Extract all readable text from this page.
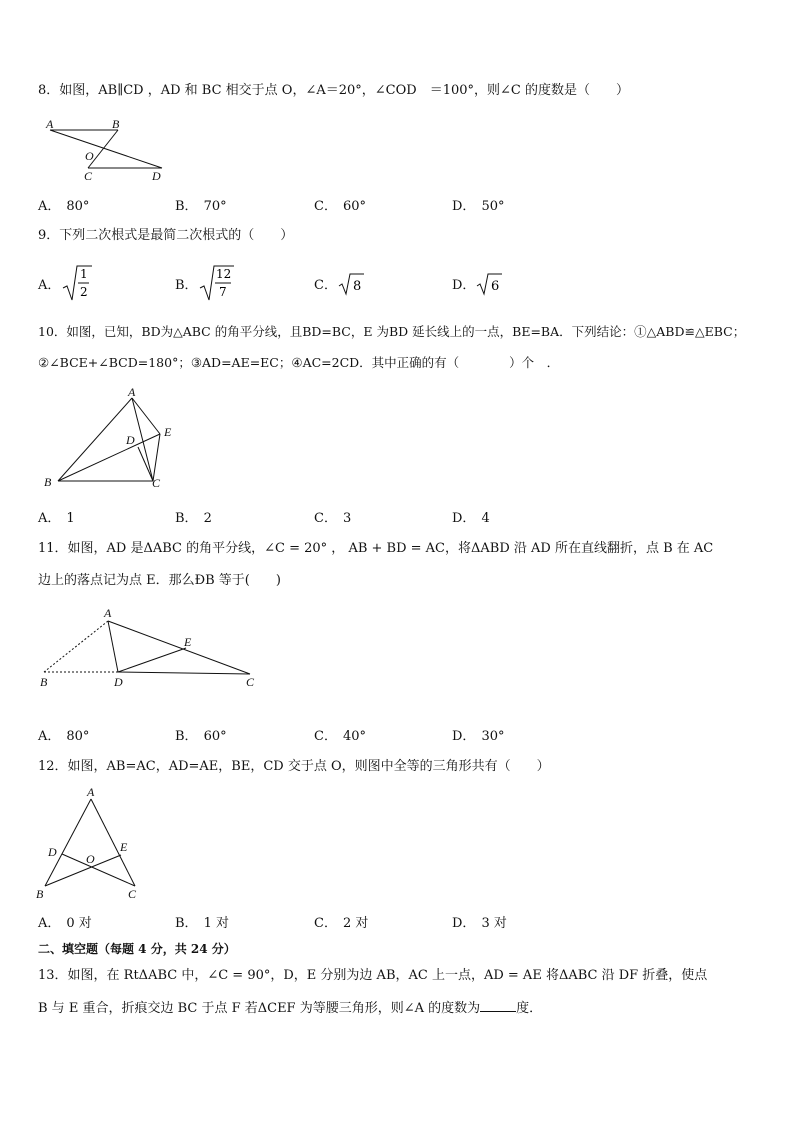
8．如图，AB∥CD ，AD 和 BC 相交于点 O，∠A＝20°，∠COD　＝100°，则∠C 的度数是（　　）
A	B
O
C	D
A． 80°	B． 70°	C． 60°	D． 50°
9．下列二次根式是最简二次根式的（　　）
A．
1
2	B．
12
7	C． 8	D． 6
10．如图，已知，BD为△ABC 的角平分线，且BD=BC，E 为BD 延长线上的一点，BE=BA．下列结论：①△ABD≌△EBC；
②∠BCE+∠BCD=180°；③AD=AE=EC；④AC=2CD．其中正确的有（　　　　）个　．
A
D
E
B	C
A． 1	B． 2	C． 3	D． 4
11．如图，AD 是ΔABC 的角平分线，∠C = 20° ， AB + BD = AC，将ΔABD 沿 AD 所在直线翻折，点 B 在 AC
边上的落点记为点 E．那么ÐB 等于(　　)
A
E
B	D	C
A． 80°	B． 60°	C． 40°	D． 30°
12．如图，AB=AC，AD=AE，BE，CD 交于点 O，则图中全等的三角形共有（　　）
A
D O
E
B	C
A． 0 对	B． 1 对	C． 2 对	D． 3 对
二、填空题（每题 4 分，共 24 分）
13．如图，在 RtΔABC 中，∠C = 90°，D，E 分别为边 AB，AC 上一点，AD = AE 将ΔABC 沿 DF 折叠，使点
B 与 E 重合，折痕交边 BC 于点 F 若ΔCEF 为等腰三角形，则∠A 的度数为	度．
